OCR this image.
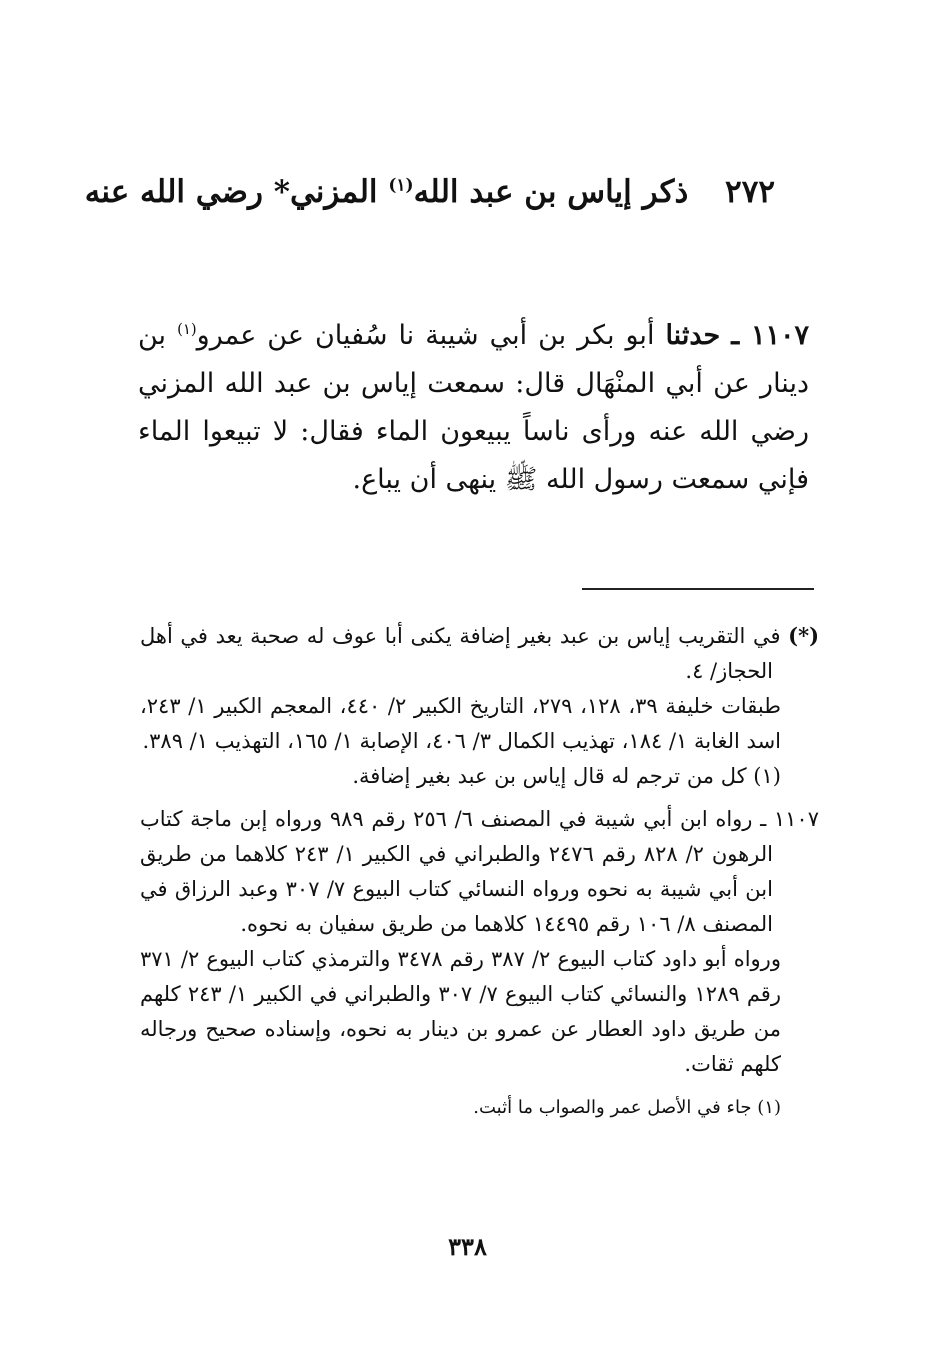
٢٧٢ ذكر إياس بن عبد الله$^{(١)}$ المزني* رضي الله عنه

١١٠٧ ـ حدثنا أبو بكر بن أبي شيبة نا سُفيان عن عمرو$^{(١)}$ بن دينار عن أبي المنْهَال قال: سمعت إياس بن عبد الله المزني رضي الله عنه ورأى ناساً يبيعون الماء فقال: لا تبيعوا الماء فإني سمعت رسول الله ﷺ ينهى أن يباع.

(*) في التقريب إياس بن عبد بغير إضافة يكنى أبا عوف له صحبة يعد في أهل الحجاز/ ٤.

طبقات خليفة ٣٩، ١٢٨، ٢٧٩، التاريخ الكبير ٢/ ٤٤٠، المعجم الكبير ١/ ٢٤٣، اسد الغابة ١/ ١٨٤، تهذيب الكمال ٣/ ٤٠٦، الإصابة ١/ ١٦٥، التهذيب ١/ ٣٨٩.

(١) كل من ترجم له قال إياس بن عبد بغير إضافة.

١١٠٧ ـ رواه ابن أبي شيبة في المصنف ٦/ ٢٥٦ رقم ٩٨٩ ورواه إبن ماجة كتاب الرهون ٢/ ٨٢٨ رقم ٢٤٧٦ والطبراني في الكبير ١/ ٢٤٣ كلاهما من طريق ابن أبي شيبة به نحوه ورواه النسائي كتاب البيوع ٧/ ٣٠٧ وعبد الرزاق في المصنف ٨/ ١٠٦ رقم ١٤٤٩٥ كلاهما من طريق سفيان به نحوه.

ورواه أبو داود كتاب البيوع ٢/ ٣٨٧ رقم ٣٤٧٨ والترمذي كتاب البيوع ٢/ ٣٧١ رقم ١٢٨٩ والنسائي كتاب البيوع ٧/ ٣٠٧ والطبراني في الكبير ١/ ٢٤٣ كلهم من طريق داود العطار عن عمرو بن دينار به نحوه، وإسناده صحيح ورجاله كلهم ثقات.

(١) جاء في الأصل عمر والصواب ما أثبت.

٣٣٨
